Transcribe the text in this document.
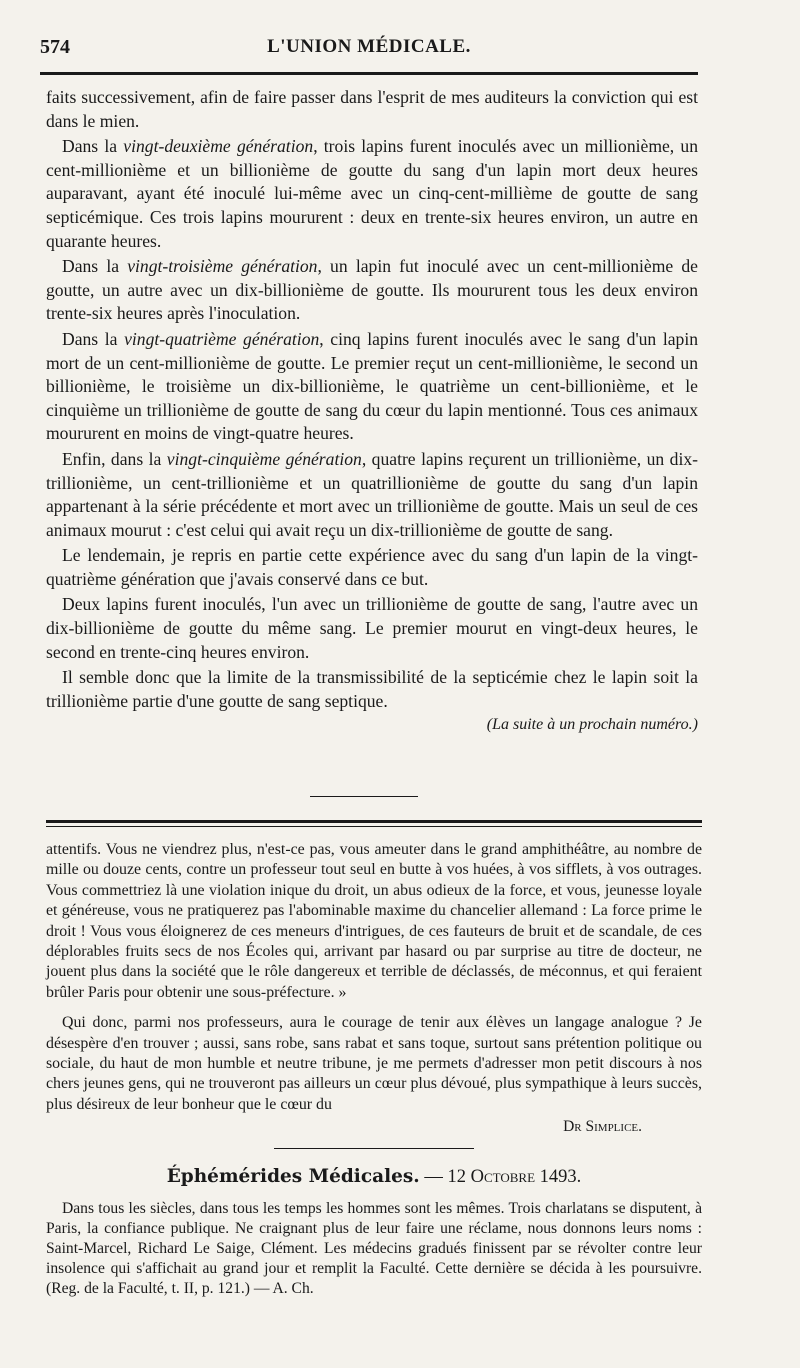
574	L'UNION MÉDICALE.

faits successivement, afin de faire passer dans l'esprit de mes auditeurs la conviction qui est dans le mien.

Dans la vingt-deuxième génération, trois lapins furent inoculés avec un millionième, un cent-millionième et un billionième de goutte du sang d'un lapin mort deux heures auparavant, ayant été inoculé lui-même avec un cinq-cent-millième de goutte de sang septicémique. Ces trois lapins moururent : deux en trente-six heures environ, un autre en quarante heures.

Dans la vingt-troisième génération, un lapin fut inoculé avec un cent-millionième de goutte, un autre avec un dix-billionième de goutte. Ils moururent tous les deux environ trente-six heures après l'inoculation.

Dans la vingt-quatrième génération, cinq lapins furent inoculés avec le sang d'un lapin mort de un cent-millionième de goutte. Le premier reçut un cent-millionième, le second un billionième, le troisième un dix-billionième, le quatrième un cent-billionième, et le cinquième un trillionième de goutte de sang du cœur du lapin mentionné. Tous ces animaux moururent en moins de vingt-quatre heures.

Enfin, dans la vingt-cinquième génération, quatre lapins reçurent un trillionième, un dix-trillionième, un cent-trillionième et un quatrillionième de goutte du sang d'un lapin appartenant à la série précédente et mort avec un trillionième de goutte. Mais un seul de ces animaux mourut : c'est celui qui avait reçu un dix-trillionième de goutte de sang.

Le lendemain, je repris en partie cette expérience avec du sang d'un lapin de la vingt-quatrième génération que j'avais conservé dans ce but.

Deux lapins furent inoculés, l'un avec un trillionième de goutte de sang, l'autre avec un dix-billionième de goutte du même sang. Le premier mourut en vingt-deux heures, le second en trente-cinq heures environ.

Il semble donc que la limite de la transmissibilité de la septicémie chez le lapin soit la trillionième partie d'une goutte de sang septique.

(La suite à un prochain numéro.)

attentifs. Vous ne viendrez plus, n'est-ce pas, vous ameuter dans le grand amphithéâtre, au nombre de mille ou douze cents, contre un professeur tout seul en butte à vos huées, à vos sifflets, à vos outrages. Vous commettriez là une violation inique du droit, un abus odieux de la force, et vous, jeunesse loyale et généreuse, vous ne pratiquerez pas l'abominable maxime du chancelier allemand : La force prime le droit ! Vous vous éloignerez de ces meneurs d'intrigues, de ces fauteurs de bruit et de scandale, de ces déplorables fruits secs de nos Écoles qui, arrivant par hasard ou par surprise au titre de docteur, ne jouent plus dans la société que le rôle dangereux et terrible de déclassés, de méconnus, et qui feraient brûler Paris pour obtenir une sous-préfecture. »

Qui donc, parmi nos professeurs, aura le courage de tenir aux élèves un langage analogue ? Je désespère d'en trouver ; aussi, sans robe, sans rabat et sans toque, surtout sans prétention politique ou sociale, du haut de mon humble et neutre tribune, je me permets d'adresser mon petit discours à nos chers jeunes gens, qui ne trouveront pas ailleurs un cœur plus dévoué, plus sympathique à leurs succès, plus désireux de leur bonheur que le cœur du

Dr Simplice.

Éphémérides Médicales. — 12 Octobre 1493.

Dans tous les siècles, dans tous les temps les hommes sont les mêmes. Trois charlatans se disputent, à Paris, la confiance publique. Ne craignant plus de leur faire une réclame, nous donnons leurs noms : Saint-Marcel, Richard Le Saige, Clément. Les médecins gradués finissent par se révolter contre leur insolence qui s'affichait au grand jour et remplit la Faculté. Cette dernière se décida à les poursuivre. (Reg. de la Faculté, t. II, p. 121.) — A. Ch.
